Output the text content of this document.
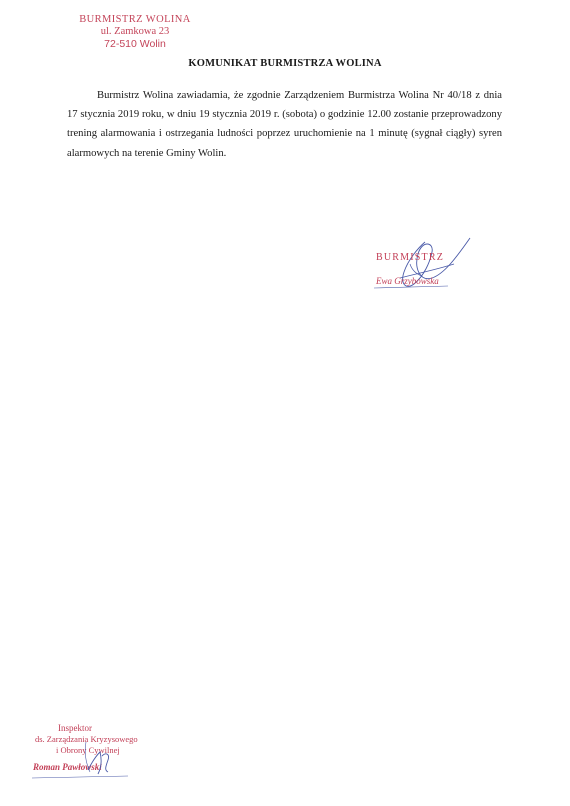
BURMISTRZ WOLINA
ul. Zamkowa 23
72-510 Wolin
KOMUNIKAT BURMISTRZA WOLINA
Burmistrz Wolina zawiadamia, że zgodnie Zarządzeniem Burmistrza Wolina Nr 40/18 z dnia 17 stycznia 2019 roku, w dniu 19 stycznia 2019 r. (sobota) o godzinie 12.00 zostanie przeprowadzony trening alarmowania i ostrzegania ludności poprzez uruchomienie na 1 minutę (sygnał ciągły) syren alarmowych na terenie Gminy Wolin.
BURMISTRZ
Ewa Grzybowska
Inspektor
ds. Zarządzania Kryzysowego
i Obrony Cywilnej
Roman Pawłowski
